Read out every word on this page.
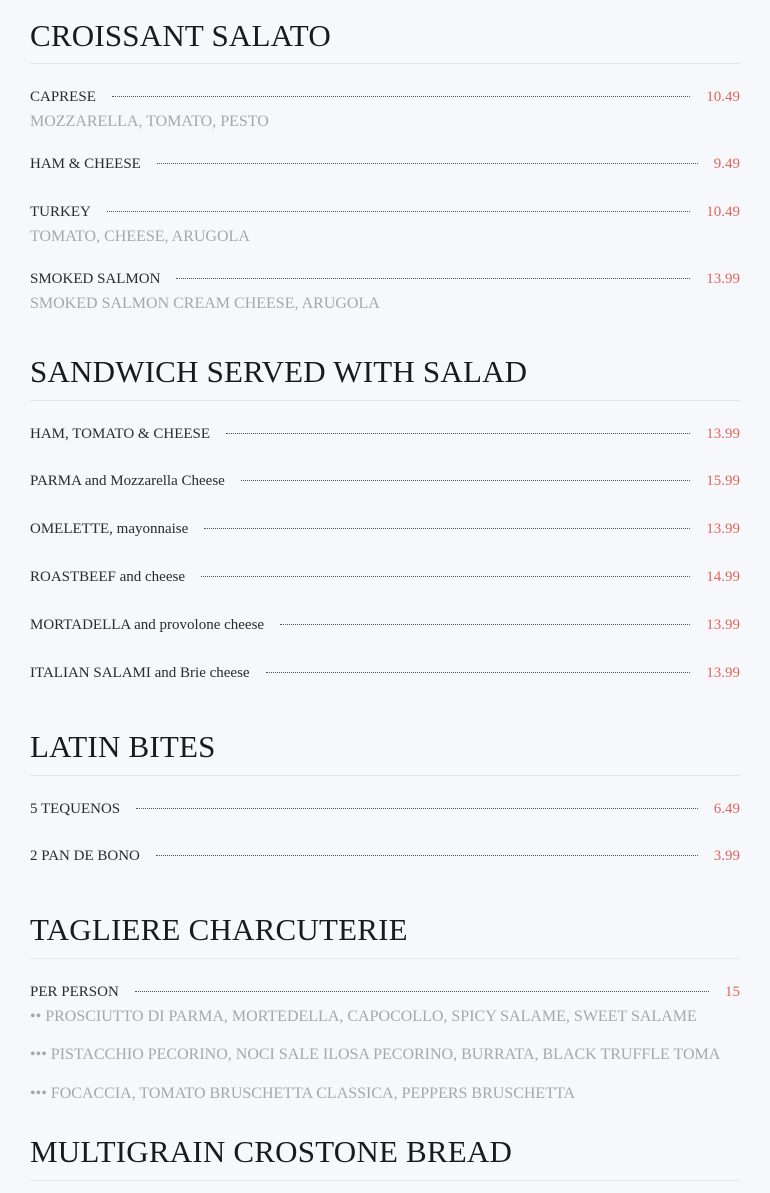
CROISSANT SALATO
CAPRESE	10.49
MOZZARELLA, TOMATO, PESTO
HAM & CHEESE	9.49
TURKEY	10.49
TOMATO, CHEESE, ARUGOLA
SMOKED SALMON	13.99
SMOKED SALMON CREAM CHEESE, ARUGOLA
SANDWICH SERVED WITH SALAD
HAM, TOMATO & CHEESE	13.99
PARMA and Mozzarella Cheese	15.99
OMELETTE, mayonnaise	13.99
ROASTBEEF and cheese	14.99
MORTADELLA and provolone cheese	13.99
ITALIAN SALAMI and Brie cheese	13.99
LATIN BITES
5 TEQUENOS	6.49
2 PAN DE BONO	3.99
TAGLIERE CHARCUTERIE
PER PERSON	15
•• PROSCIUTTO DI PARMA, MORTEDELLA, CAPOCOLLO, SPICY SALAME, SWEET SALAME
••• PISTACCHIO PECORINO, NOCI SALE ILOSA PECORINO, BURRATA, BLACK TRUFFLE TOMA
••• FOCACCIA, TOMATO BRUSCHETTA CLASSICA, PEPPERS BRUSCHETTA
MULTIGRAIN CROSTONE BREAD
